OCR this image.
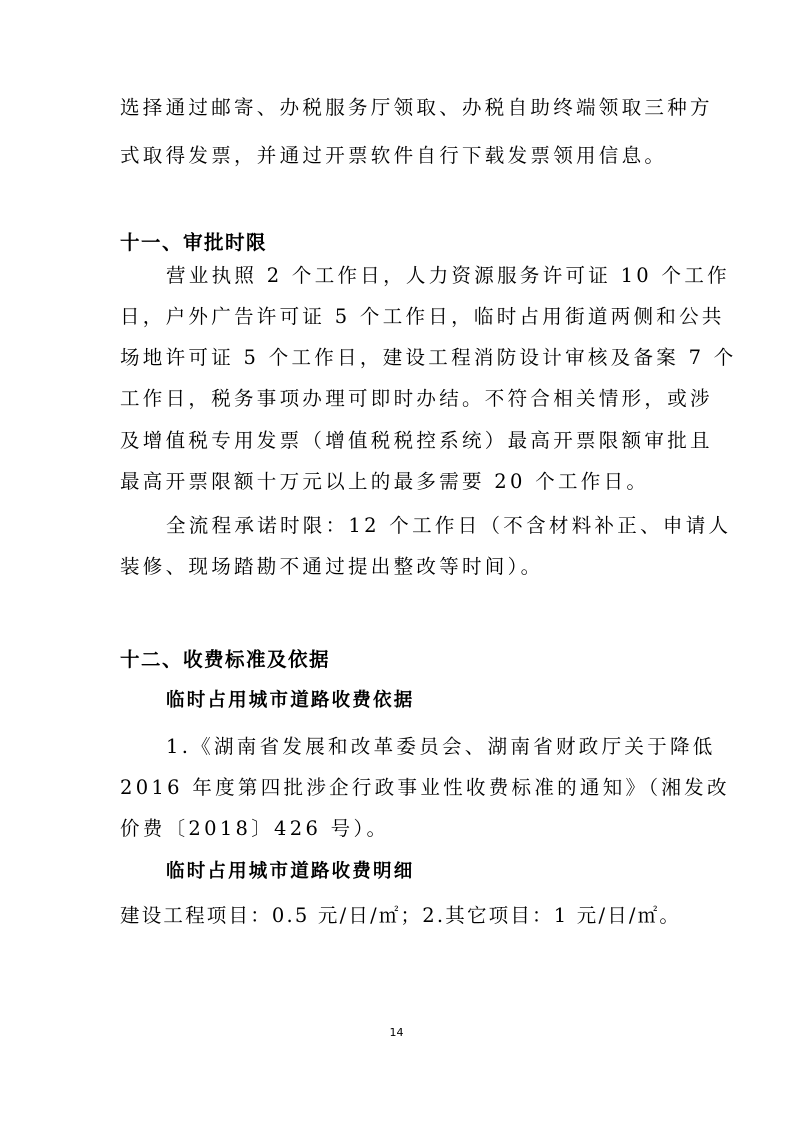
选择通过邮寄、办税服务厅领取、办税自助终端领取三种方
式取得发票，并通过开票软件自行下载发票领用信息。
十一、审批时限
营业执照 2 个工作日，人力资源服务许可证 10 个工作
日，户外广告许可证 5 个工作日，临时占用街道两侧和公共
场地许可证 5 个工作日，建设工程消防设计审核及备案 7 个
工作日，税务事项办理可即时办结。不符合相关情形，或涉
及增值税专用发票（增值税税控系统）最高开票限额审批且
最高开票限额十万元以上的最多需要 20 个工作日。
全流程承诺时限：12 个工作日（不含材料补正、申请人
装修、现场踏勘不通过提出整改等时间）。
十二、收费标准及依据
临时占用城市道路收费依据
1.《湖南省发展和改革委员会、湖南省财政厅关于降低
2016 年度第四批涉企行政事业性收费标准的通知》（湘发改
价费〔2018〕426 号）。
临时占用城市道路收费明细
建设工程项目：0.5 元/日/㎡；2.其它项目：1 元/日/㎡。
14
